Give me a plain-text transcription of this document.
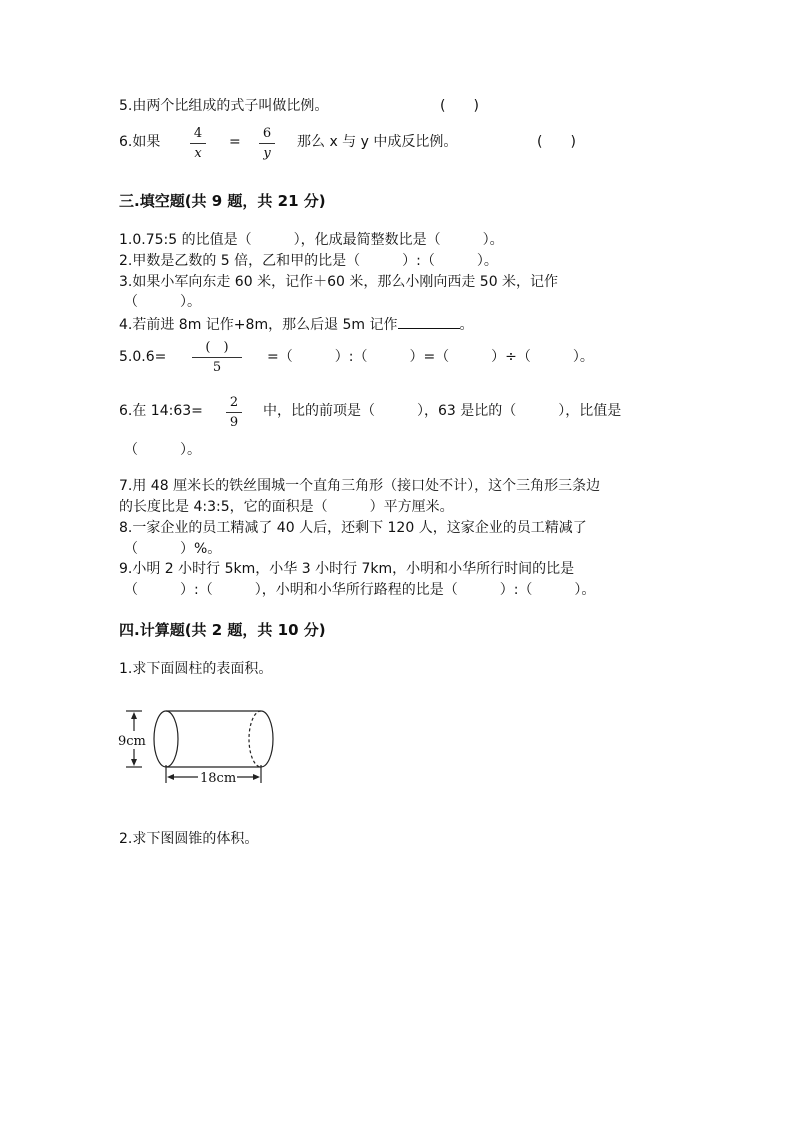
5.由两个比组成的式子叫做比例。	(　　)
6.如果
4
x
=
6
y
那么 x 与 y 中成反比例。	(　　)
三.填空题(共 9 题，共 21 分)
1.0.75:5 的比值是（　　　），化成最简整数比是（　　　）。
2.甲数是乙数的 5 倍，乙和甲的比是（　　　）:（　　　）。
3.如果小军向东走 60 米，记作＋60 米，那么小刚向西走 50 米，记作
（　　　）。
4.若前进 8m 记作+8m，那么后退 5m 记作	。
5.0.6=
( )
5
=（　　　）:（　　　）=（　　　）÷（　　　）。
6.在 14:63=
2
9
中，比的前项是（　　　），63 是比的（　　　），比值是
（　　　）。
7.用 48 厘米长的铁丝围城一个直角三角形（接口处不计），这个三角形三条边
的长度比是 4:3:5，它的面积是（　　　）平方厘米。
8.一家企业的员工精减了 40 人后，还剩下 120 人，这家企业的员工精减了
（　　　）%。
9.小明 2 小时行 5km，小华 3 小时行 7km，小明和小华所行时间的比是
（　　　）:（　　　），小明和小华所行路程的比是（　　　）:（　　　）。
四.计算题(共 2 题，共 10 分)
1.求下面圆柱的表面积。
9cm
18cm
2.求下图圆锥的体积。
